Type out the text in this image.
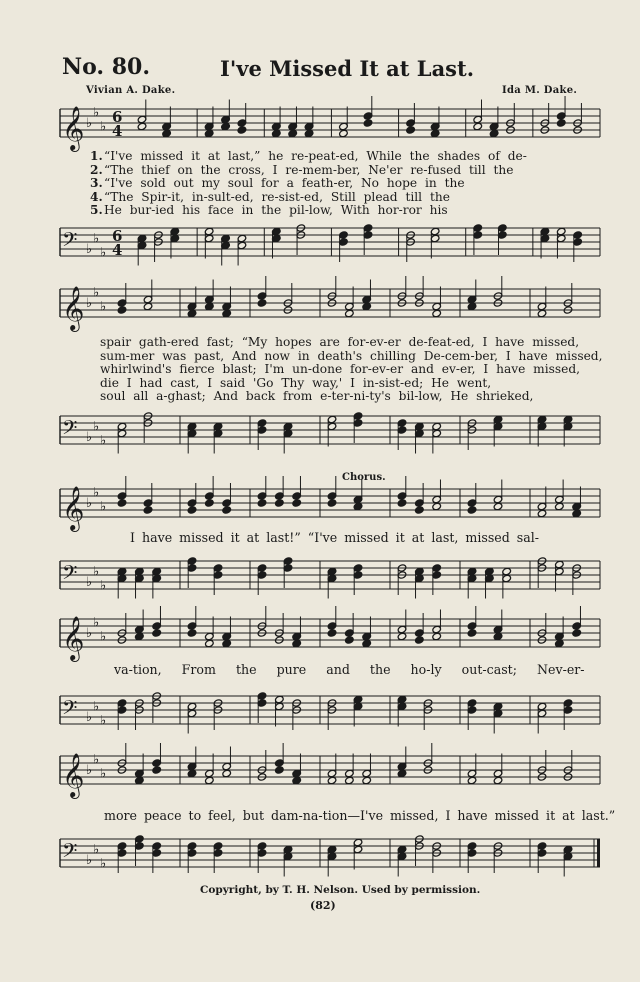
No. 80.	I've Missed It at Last.
Vivian A. Dake.	Ida M. Dake.
𝄞 ♭
♭
♭
6
4
1. “I've missed it at last,” he re-peat-ed, While the shades of de-
2. “The thief on the cross, I re-mem-ber, Ne'er re-fused till the
3. “I've sold out my soul for a feath-er, No hope in the
4. “The Spir-it, in-sult-ed, re-sist-ed, Still plead till the
5. He bur-ied his face in the pil-low, With hor-ror his
𝄢 ♭
♭
♭
6
4
𝄞 ♭
♭
♭
spair gath-ered fast; “My hopes are for-ev-er de-feat-ed, I have missed,
sum-mer was past, And now in death's chilling De-cem-ber, I have missed,
whirlwind's fierce blast; I'm un-done for-ev-er and ev-er, I have missed,
die I had cast, I said 'Go Thy way,' I in-sist-ed; He went,
soul all a-ghast; And back from e-ter-ni-ty's bil-low, He shrieked,
𝄢 ♭
♭
♭
Chorus.
𝄞 ♭
♭
♭
I have missed it at last!” “I've missed it at last, missed sal-
𝄢 ♭
♭
♭
𝄞 ♭
♭
♭
va-tion, From the pure and the ho-ly out-cast; Nev-er-
𝄢 ♭
♭
♭
𝄞 ♭
♭
♭
more peace to feel, but dam-na-tion—I've missed, I have missed it at last.”
𝄢 ♭
♭
♭
Copyright, by T. H. Nelson. Used by permission.
(82)
